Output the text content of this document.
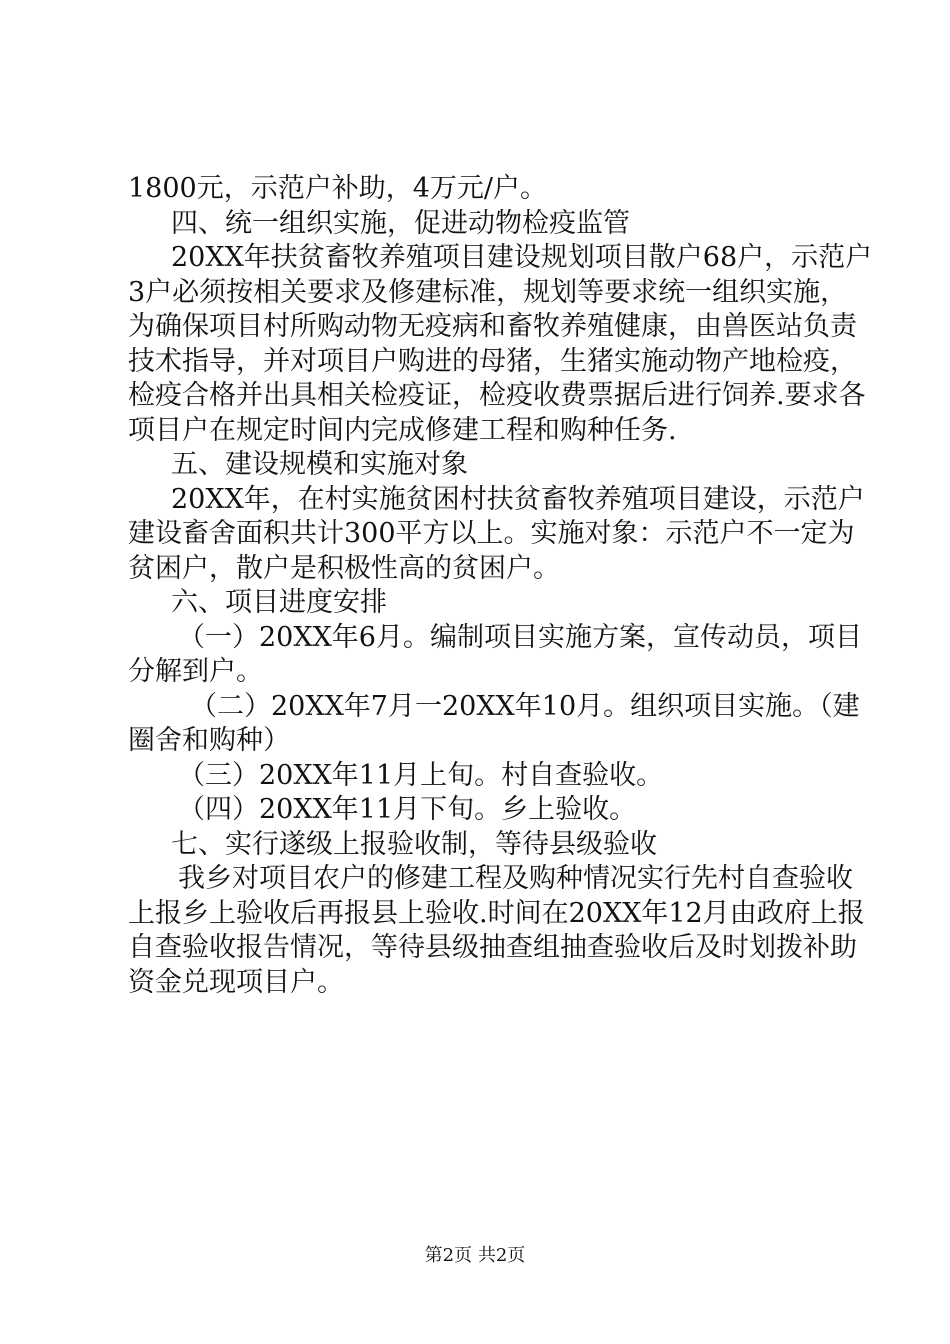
1800元，示范户补助，4万元/户。
四、统一组织实施，促进动物检疫监管
20XX年扶贫畜牧养殖项目建设规划项目散户68户，示范户
3户必须按相关要求及修建标准，规划等要求统一组织实施，
为确保项目村所购动物无疫病和畜牧养殖健康，由兽医站负责
技术指导，并对项目户购进的母猪，生猪实施动物产地检疫，
检疫合格并出具相关检疫证，检疫收费票据后进行饲养.要求各
项目户在规定时间内完成修建工程和购种任务.
五、建设规模和实施对象
20XX年，在村实施贫困村扶贫畜牧养殖项目建设，示范户
建设畜舍面积共计300平方以上。实施对象：示范户不一定为
贫困户，散户是积极性高的贫困户。
六、项目进度安排
（一）20XX年6月。编制项目实施方案，宣传动员，项目
分解到户。
（二）20XX年7月一20XX年10月。组织项目实施。（建
圈舍和购种）
（三）20XX年11月上旬。村自查验收。
（四）20XX年11月下旬。乡上验收。
七、实行遂级上报验收制，等待县级验收
我乡对项目农户的修建工程及购种情况实行先村自查验收
上报乡上验收后再报县上验收.时间在20XX年12月由政府上报
自查验收报告情况，等待县级抽查组抽查验收后及时划拨补助
资金兑现项目户。
第2页 共2页
